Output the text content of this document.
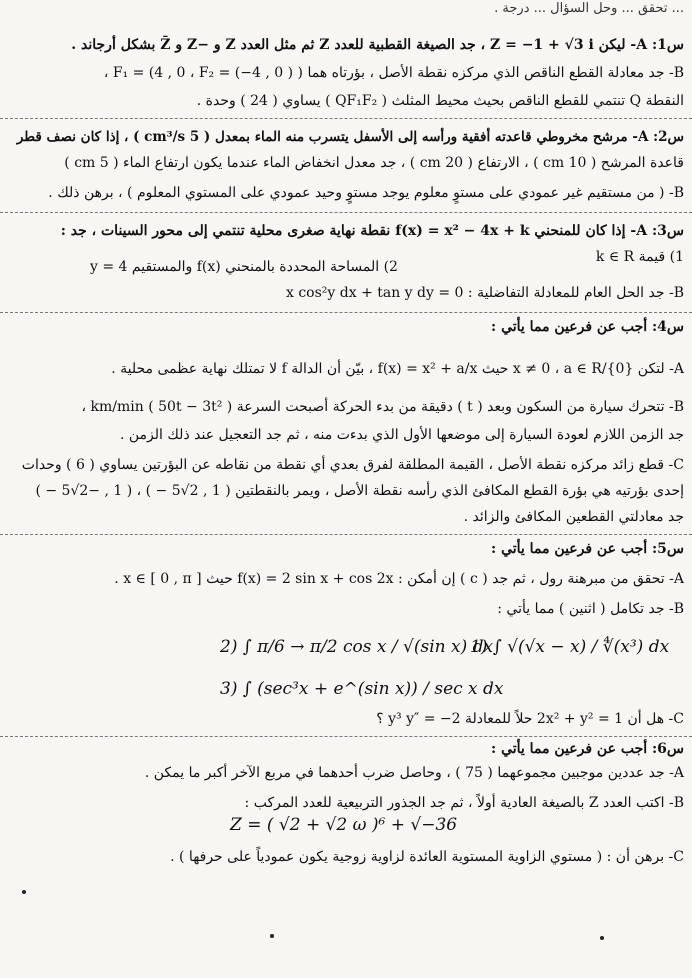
... تحقق ... وحل السؤال ... درجة .
س1: A- ليكن Z = −1 + √3 i ، جد الصيغة القطبية للعدد Z ثم مثل العدد Z و −Z و Z̄ بشكل أرجاند .
B- جد معادلة القطع الناقص الذي مركزه نقطة الأصل ، بؤرتاه هما ( F₁ = (4 , 0 ، F₂ = (−4 , 0 ) ،
النقطة Q تنتمي للقطع الناقص بحيث محيط المثلث ( QF₁F₂ ) يساوي ( 24 ) وحدة .
س2: A- مرشح مخروطي قاعدته أفقية ورأسه إلى الأسفل يتسرب منه الماء بمعدل ( 5 cm³/s ) ، إذا كان نصف قطر
قاعدة المرشح ( 10 cm ) ، الارتفاع ( 20 cm ) ، جد معدل انخفاض الماء عندما يكون ارتفاع الماء ( 5 cm )
B- ( من مستقيم غير عمودي على مستوٍ معلوم يوجد مستوٍ وحيد عمودي على المستوي المعلوم ) ، برهن ذلك .
س3: A- إذا كان للمنحني f(x) = x² − 4x + k نقطة نهاية صغرى محلية تنتمي إلى محور السينات ، جد :
1) قيمة k ∈ R
2) المساحة المحددة بالمنحني f(x) والمستقيم y = 4
B- جد الحل العام للمعادلة التفاضلية : x cos²y dx + tan y dy = 0
س4: أجب عن فرعين مما يأتي :
A- لتكن x ≠ 0 ، a ∈ R/{0} حيث f(x) = x² + a/x ، بيّن أن الدالة f لا تمتلك نهاية عظمى محلية .
B- تتحرك سيارة من السكون وبعد ( t ) دقيقة من بدء الحركة أصبحت السرعة ( 50t − 3t² ) km/min ،
جد الزمن اللازم لعودة السيارة إلى موضعها الأول الذي بدءت منه ، ثم جد التعجيل عند ذلك الزمن .
C- قطع زائد مركزه نقطة الأصل ، القيمة المطلقة لفرق بعدي أي نقطة من نقاطه عن البؤرتين يساوي ( 6 ) وحدات
إحدى بؤرتيه هي بؤرة القطع المكافئ الذي رأسه نقطة الأصل ، ويمر بالنقطتين ( 1 , 2√5 − ) ، ( 1 , −2√5 − )
جد معادلتي القطعين المكافئ والزائد .
س5: أجب عن فرعين مما يأتي :
A- تحقق من مبرهنة رول ، ثم جد ( c ) إن أمكن : f(x) = 2 sin x + cos 2x حيث x ∈ [ 0 , π ] .
B- جد تكامل ( اثنين ) مما يأتي :
1) ∫ √(√x − x) / ∜(x³) dx
2) ∫ π/6 → π/2 cos x / √(sin x) dx
3) ∫ (sec³x + e^(sin x)) / sec x dx
C- هل أن 2x² + y² = 1 حلاً للمعادلة y³ y″ = −2 ؟
س6: أجب عن فرعين مما يأتي :
A- جد عددين موجبين مجموعهما ( 75 ) ، وحاصل ضرب أحدهما في مربع الآخر أكبر ما يمكن .
B- اكتب العدد Z بالصيغة العادية أولاً ، ثم جد الجذور التربيعية للعدد المركب :
Z = ( √2 + √2 ω )⁶ + √−36
C- برهن أن : ( مستوي الزاوية المستوية العائدة لزاوية زوجية يكون عمودياً على حرفها ) .
